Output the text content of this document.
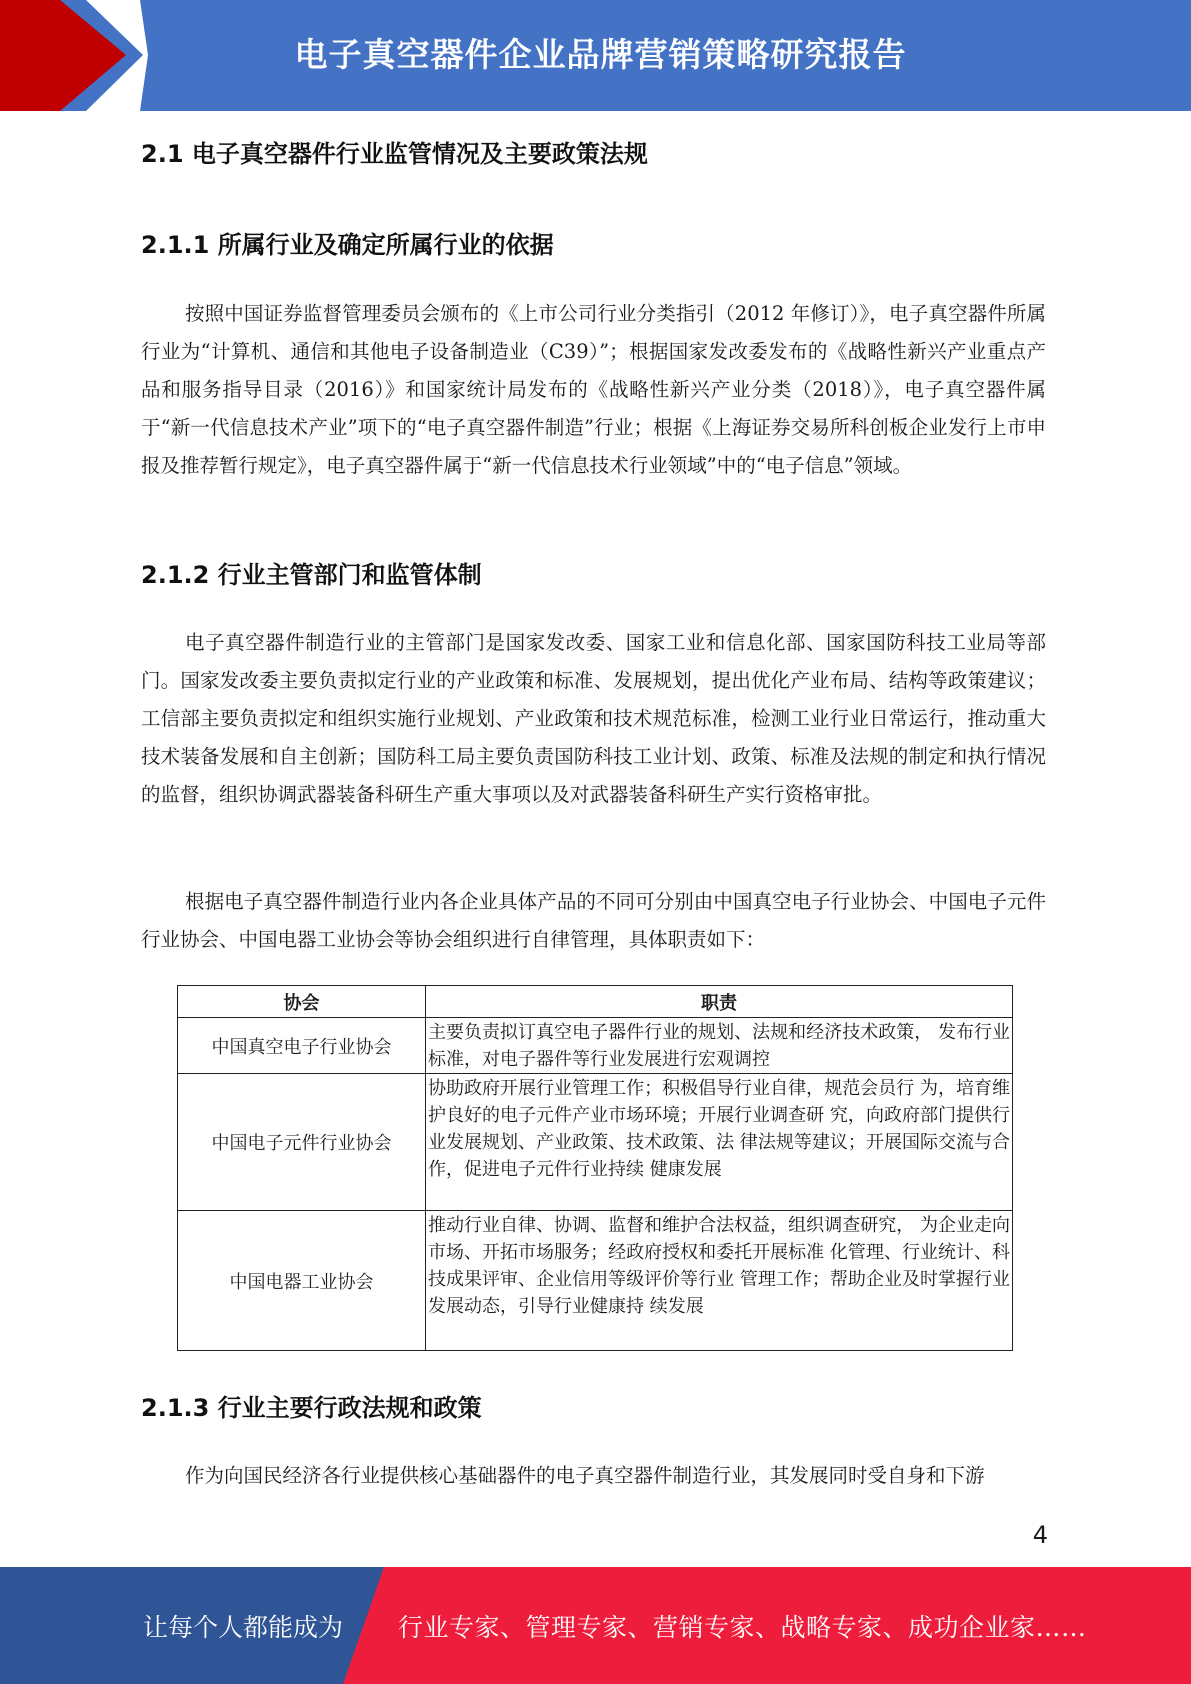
电子真空器件企业品牌营销策略研究报告
2.1 电子真空器件行业监管情况及主要政策法规
2.1.1 所属行业及确定所属行业的依据

按照中国证券监督管理委员会颁布的《上市公司行业分类指引（2012 年修订）》，电子真空器件所属行业为“计算机、通信和其他电子设备制造业（C39）”；根据国家发改委发布的《战略性新兴产业重点产品和服务指导目录（2016）》和国家统计局发布的《战略性新兴产业分类（2018）》，电子真空器件属于“新一代信息技术产业”项下的“电子真空器件制造”行业；根据《上海证券交易所科创板企业发行上市申报及推荐暂行规定》，电子真空器件属于“新一代信息技术行业领域”中的“电子信息”领域。

2.1.2 行业主管部门和监管体制

电子真空器件制造行业的主管部门是国家发改委、国家工业和信息化部、国家国防科技工业局等部门。国家发改委主要负责拟定行业的产业政策和标准、发展规划，提出优化产业布局、结构等政策建议；工信部主要负责拟定和组织实施行业规划、产业政策和技术规范标准，检测工业行业日常运行，推动重大技术装备发展和自主创新；国防科工局主要负责国防科技工业计划、政策、标准及法规的制定和执行情况的监督，组织协调武器装备科研生产重大事项以及对武器装备科研生产实行资格审批。

根据电子真空器件制造行业内各企业具体产品的不同可分别由中国真空电子行业协会、中国电子元件行业协会、中国电器工业协会等协会组织进行自律管理，具体职责如下：

协会	职责
中国真空电子行业协会	主要负责拟订真空电子器件行业的规划、法规和经济技术政策， 发布行业标准，对电子器件等行业发展进行宏观调控
中国电子元件行业协会	协助政府开展行业管理工作；积极倡导行业自律，规范会员行 为，培育维护良好的电子元件产业市场环境；开展行业调查研 究，向政府部门提供行业发展规划、产业政策、技术政策、法 律法规等建议；开展国际交流与合作，促进电子元件行业持续 健康发展
中国电器工业协会	推动行业自律、协调、监督和维护合法权益，组织调查研究， 为企业走向市场、开拓市场服务；经政府授权和委托开展标准 化管理、行业统计、科技成果评审、企业信用等级评价等行业 管理工作；帮助企业及时掌握行业发展动态，引导行业健康持 续发展
2.1.3 行业主要行政法规和政策

作为向国民经济各行业提供核心基础器件的电子真空器件制造行业，其发展同时受自身和下游

4
让每个人都能成为 行业专家、管理专家、营销专家、战略专家、成功企业家……
